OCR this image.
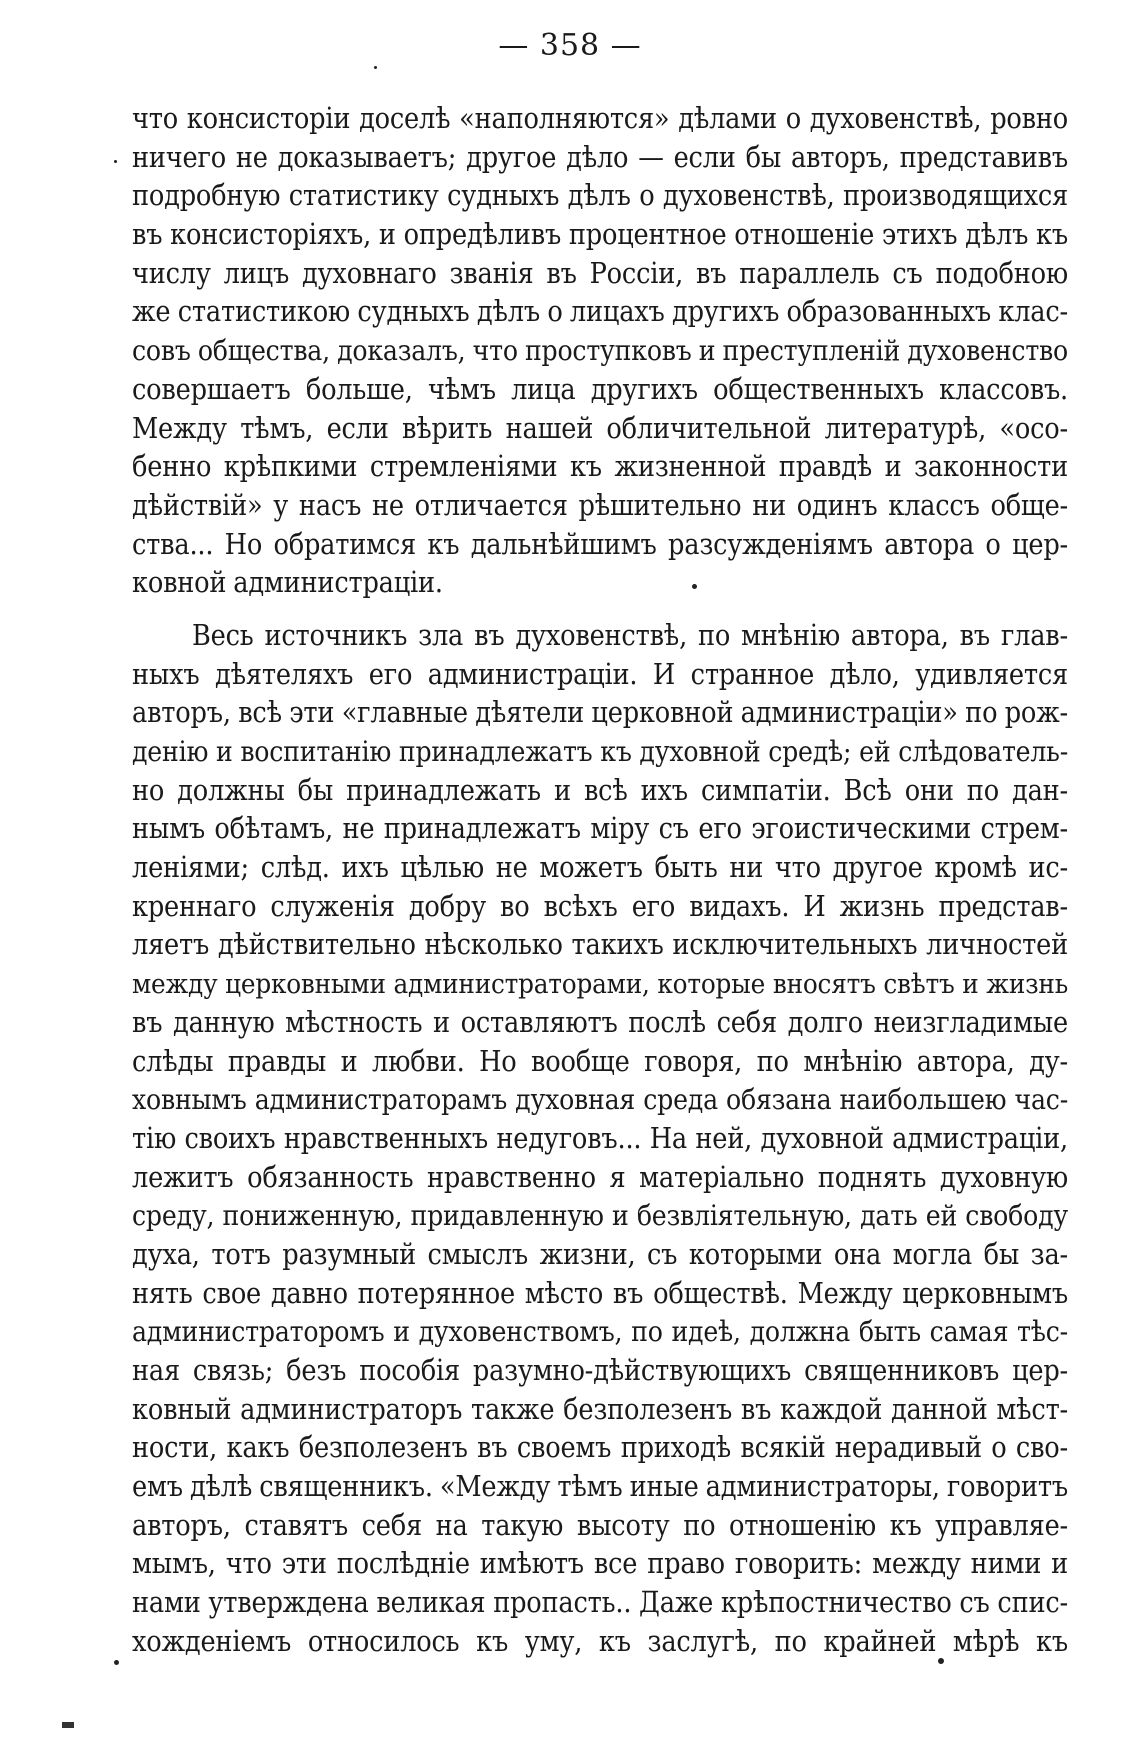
— 358 —
что консисторіи доселѣ «наполняются» дѣлами о духовенствѣ, ровно
ничего не доказываетъ; другое дѣло — если бы авторъ, представивъ
подробную статистику судныхъ дѣлъ о духовенствѣ, производящихся
въ консисторіяхъ, и опредѣливъ процентное отношеніе этихъ дѣлъ къ
числу лицъ духовнаго званія въ Россіи, въ параллель съ подобною
же статистикою судныхъ дѣлъ о лицахъ другихъ образованныхъ клас-
совъ общества, доказалъ, что проступковъ и преступленій духовенство
совершаетъ больше, чѣмъ лица другихъ общественныхъ классовъ.
Между тѣмъ, если вѣрить нашей обличительной литературѣ, «осо-
бенно крѣпкими стремленіями къ жизненной правдѣ и законности
дѣйствій» у насъ не отличается рѣшительно ни одинъ классъ обще-
ства... Но обратимся къ дальнѣйшимъ разсужденіямъ автора о цер-
ковной администраціи.
Весь источникъ зла въ духовенствѣ, по мнѣнію автора, въ глав-
ныхъ дѣятеляхъ его администраціи. И странное дѣло, удивляется
авторъ, всѣ эти «главные дѣятели церковной администраціи» по рож-
денію и воспитанію принадлежатъ къ духовной средѣ; ей слѣдователь-
но должны бы принадлежать и всѣ ихъ симпатіи. Всѣ они по дан-
нымъ обѣтамъ, не принадлежатъ міру съ его эгоистическими стрем-
леніями; слѣд. ихъ цѣлью не можетъ быть ни что другое кромѣ ис-
креннаго служенія добру во всѣхъ его видахъ. И жизнь представ-
ляетъ дѣйствительно нѣсколько такихъ исключительныхъ личностей
между церковными администраторами, которые вносятъ свѣтъ и жизнь
въ данную мѣстность и оставляютъ послѣ себя долго неизгладимые
слѣды правды и любви. Но вообще говоря, по мнѣнію автора, ду-
ховнымъ администраторамъ духовная среда обязана наибольшею час-
тію своихъ нравственныхъ недуговъ... На ней, духовной адмистраціи,
лежитъ обязанность нравственно я матеріально поднять духовную
среду, пониженную, придавленную и безвліятельную, дать ей свободу
духа, тотъ разумный смыслъ жизни, съ которыми она могла бы за-
нять свое давно потерянное мѣсто въ обществѣ. Между церковнымъ
администраторомъ и духовенствомъ, по идеѣ, должна быть самая тѣс-
ная связь; безъ пособія разумно-дѣйствующихъ священниковъ цер-
ковный администраторъ также безполезенъ въ каждой данной мѣст-
ности, какъ безполезенъ въ своемъ приходѣ всякій нерадивый о сво-
емъ дѣлѣ священникъ. «Между тѣмъ иные администраторы, говоритъ
авторъ, ставятъ себя на такую высоту по отношенію къ управляе-
мымъ, что эти послѣдніе имѣютъ все право говорить: между ними и
нами утверждена великая пропасть.. Даже крѣпостничество съ спис-
хожденіемъ относилось къ уму, къ заслугѣ, по крайней мѣрѣ къ
